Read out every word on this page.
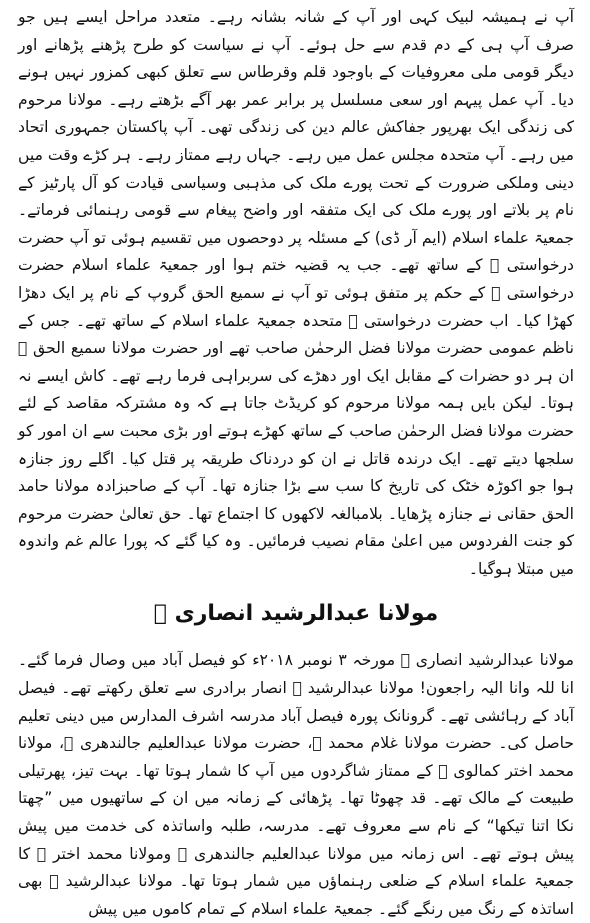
آپ نے ہمیشہ لبیک کہی اور آپ کے شانہ بشانہ رہے۔ متعدد مراحل ایسے ہیں جو صرف آپ ہی کے دم قدم سے حل ہوئے۔ آپ نے سیاست کو طرح پڑھنے پڑھانے اور دیگر قومی ملی معروفیات کے باوجود قلم وقرطاس سے تعلق کبھی کمزور نہیں ہونے دیا۔ آپ عمل پیہم اور سعی مسلسل پر برابر عمر بھر آگے بڑھتے رہے۔ مولانا مرحوم کی زندگی ایک بھرپور جفاکش عالم دین کی زندگی تھی۔ آپ پاکستان جمہوری اتحاد میں رہے۔ آپ متحدہ مجلس عمل میں رہے۔ جہاں رہے ممتاز رہے۔ ہر کڑے وقت میں دینی وملکی ضرورت کے تحت پورے ملک کی مذہبی وسیاسی قیادت کو آل پارٹیز کے نام پر بلاتے اور پورے ملک کی ایک متفقہ اور واضح پیغام سے قومی رہنمائی فرماتے۔ جمعیۃ علماء اسلام (ایم آر ڈی) کے مسئلہ پر دوحصوں میں تقسیم ہوئی تو آپ حضرت درخواستی ﷫ کے ساتھ تھے۔ جب یہ قضیہ ختم ہوا اور جمعیۃ علماء اسلام حضرت درخواستی ﷫ کے حکم پر متفق ہوئی تو آپ نے سمیع الحق گروپ کے نام پر ایک دھڑا کھڑا کیا۔ اب حضرت درخواستی ﷫ متحدہ جمعیۃ علماء اسلام کے ساتھ تھے۔ جس کے ناظم عمومی حضرت مولانا فضل الرحمٰن صاحب تھے اور حضرت مولانا سمیع الحق ﷫ ان ہر دو حضرات کے مقابل ایک اور دھڑے کی سربراہی فرما رہے تھے۔ کاش ایسے نہ ہوتا۔ لیکن بایں ہمہ مولانا مرحوم کو کریڈٹ جاتا ہے کہ وہ مشترکہ مقاصد کے لئے حضرت مولانا فضل الرحمٰن صاحب کے ساتھ کھڑے ہوتے اور بڑی محبت سے ان امور کو سلجھا دیتے تھے۔ ایک درندہ قاتل نے ان کو دردناک طریقہ پر قتل کیا۔ اگلے روز جنازہ ہوا جو اکوڑہ خٹک کی تاریخ کا سب سے بڑا جنازہ تھا۔ آپ کے صاحبزادہ مولانا حامد الحق حقانی نے جنازہ پڑھایا۔ بلامبالغہ لاکھوں کا اجتماع تھا۔ حق تعالیٰ حضرت مرحوم کو جنت الفردوس میں اعلیٰ مقام نصیب فرمائیں۔ وہ کیا گئے کہ پورا عالم غم واندوہ میں مبتلا ہوگیا۔

مولانا عبدالرشید انصاری ﷫

مولانا عبدالرشید انصاری ﷫ مورخہ ۳ نومبر ۲۰۱۸ء کو فیصل آباد میں وصال فرما گئے۔ انا للہ وانا الیہ راجعون! مولانا عبدالرشید ﷫ انصار برادری سے تعلق رکھتے تھے۔ فیصل آباد کے رہائشی تھے۔ گرونانک پورہ فیصل آباد مدرسہ اشرف المدارس میں دینی تعلیم حاصل کی۔ حضرت مولانا غلام محمد ﷫، حضرت مولانا عبدالعلیم جالندھری ﷫، مولانا محمد اختر کمالوی ﷫ کے ممتاز شاگردوں میں آپ کا شمار ہوتا تھا۔ بہت تیز، پھرتیلی طبیعت کے مالک تھے۔ قد چھوٹا تھا۔ پڑھائی کے زمانہ میں ان کے ساتھیوں میں ”چھتا نکا اتنا تیکھا“ کے نام سے معروف تھے۔ مدرسہ، طلبہ واساتذہ کی خدمت میں پیش پیش ہوتے تھے۔ اس زمانہ میں مولانا عبدالعلیم جالندھری ﷫ ومولانا محمد اختر ﷫ کا جمعیۃ علماء اسلام کے ضلعی رہنماؤں میں شمار ہوتا تھا۔ مولانا عبدالرشید ﷫ بھی اساتذہ کے رنگ میں رنگے گئے۔ جمعیۃ علماء اسلام کے تمام کاموں میں پیش
